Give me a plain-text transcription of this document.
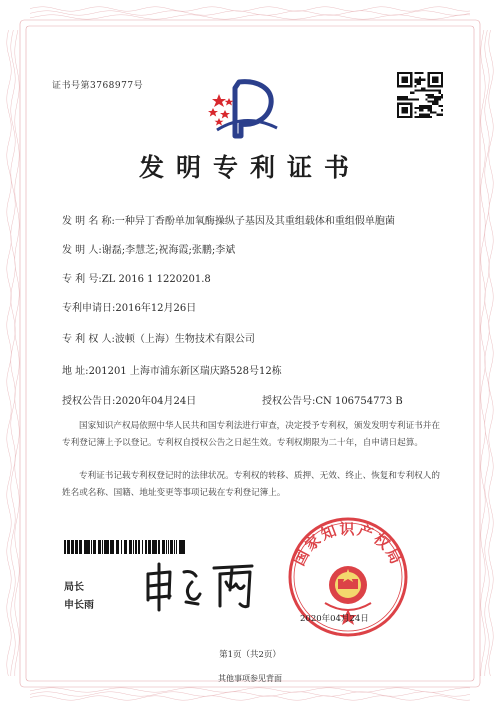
证书号第3768977号
发明专利证书
发 明 名 称:一种异丁香酚单加氧酶操纵子基因及其重组载体和重组假单胞菌
发 明 人:谢磊;李慧芝;祝海霞;张鹏;李斌
专 利 号:ZL 2016 1 1220201.8
专利申请日:2016年12月26日
专 利 权 人:波顿（上海）生物技术有限公司
地 址:201201 上海市浦东新区瑞庆路528号12栋
授权公告日:2020年04月24日	授权公告号:CN 106754773 B
国家知识产权局依照中华人民共和国专利法进行审查，决定授予专利权，颁发发明专利证书并在专利登记簿上予以登记。专利权自授权公告之日起生效。专利权期限为二十年，自申请日起算。
专利证书记载专利权登记时的法律状况。专利权的转移、质押、无效、终止、恢复和专利权人的姓名或名称、国籍、地址变更等事项记载在专利登记簿上。
局长
申长雨
国家知识产权局
2020年04月24日
第1页（共2页）
其他事项参见背面
